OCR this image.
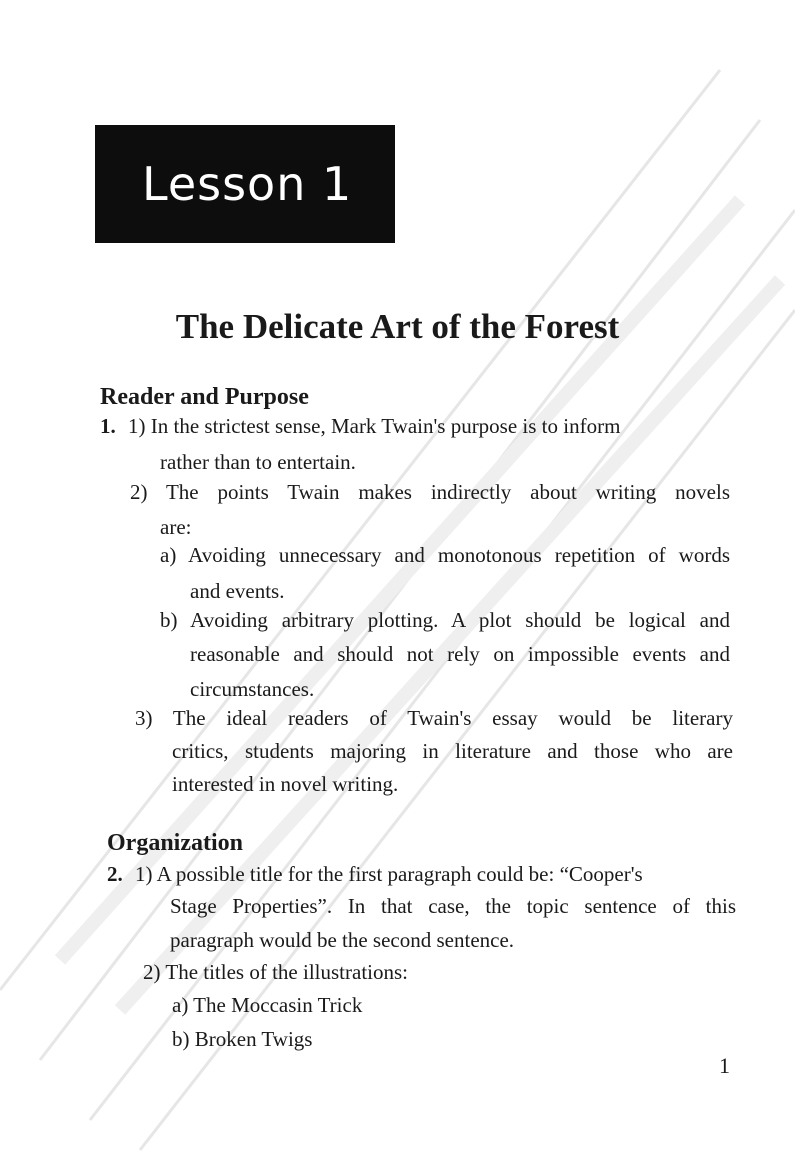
Lesson 1
The Delicate Art of the Forest
Reader and Purpose
1. 1) In the strictest sense, Mark Twain's purpose is to inform
rather than to entertain.
2) The points Twain makes indirectly about writing novels
are:
a) Avoiding unnecessary and monotonous repetition of words
and events.
b) Avoiding arbitrary plotting. A plot should be logical and
reasonable and should not rely on impossible events and
circumstances.
3) The ideal readers of Twain's essay would be literary
critics, students majoring in literature and those who are
interested in novel writing.
Organization
2. 1) A possible title for the first paragraph could be: “Cooper's
Stage Properties”. In that case, the topic sentence of this
paragraph would be the second sentence.
2) The titles of the illustrations:
a) The Moccasin Trick
b) Broken Twigs
1
